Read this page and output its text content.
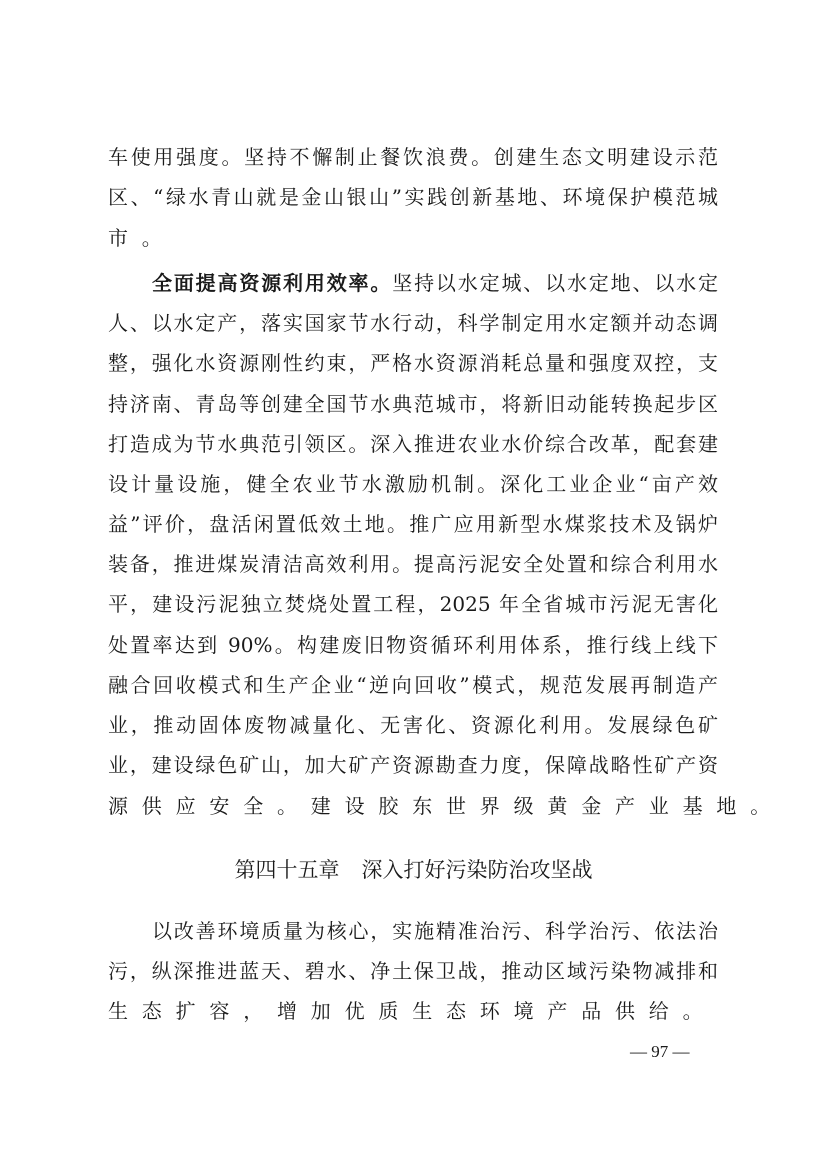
车使用强度。坚持不懈制止餐饮浪费。创建生态文明建设示范
区、“绿水青山就是金山银山”实践创新基地、环境保护模范城
市。
全面提高资源利用效率。坚持以水定城、以水定地、以水定
人、以水定产，落实国家节水行动，科学制定用水定额并动态调
整，强化水资源刚性约束，严格水资源消耗总量和强度双控，支
持济南、青岛等创建全国节水典范城市，将新旧动能转换起步区
打造成为节水典范引领区。深入推进农业水价综合改革，配套建
设计量设施，健全农业节水激励机制。深化工业企业“亩产效
益”评价，盘活闲置低效土地。推广应用新型水煤浆技术及锅炉
装备，推进煤炭清洁高效利用。提高污泥安全处置和综合利用水
平，建设污泥独立焚烧处置工程，2025 年全省城市污泥无害化
处置率达到 90%。构建废旧物资循环利用体系，推行线上线下
融合回收模式和生产企业“逆向回收”模式，规范发展再制造产
业，推动固体废物减量化、无害化、资源化利用。发展绿色矿
业，建设绿色矿山，加大矿产资源勘查力度，保障战略性矿产资
源供应安全。建设胶东世界级黄金产业基地。
第四十五章 深入打好污染防治攻坚战
以改善环境质量为核心，实施精准治污、科学治污、依法治
污，纵深推进蓝天、碧水、净土保卫战，推动区域污染物减排和
生态扩容，增加优质生态环境产品供给。
— 97 —
